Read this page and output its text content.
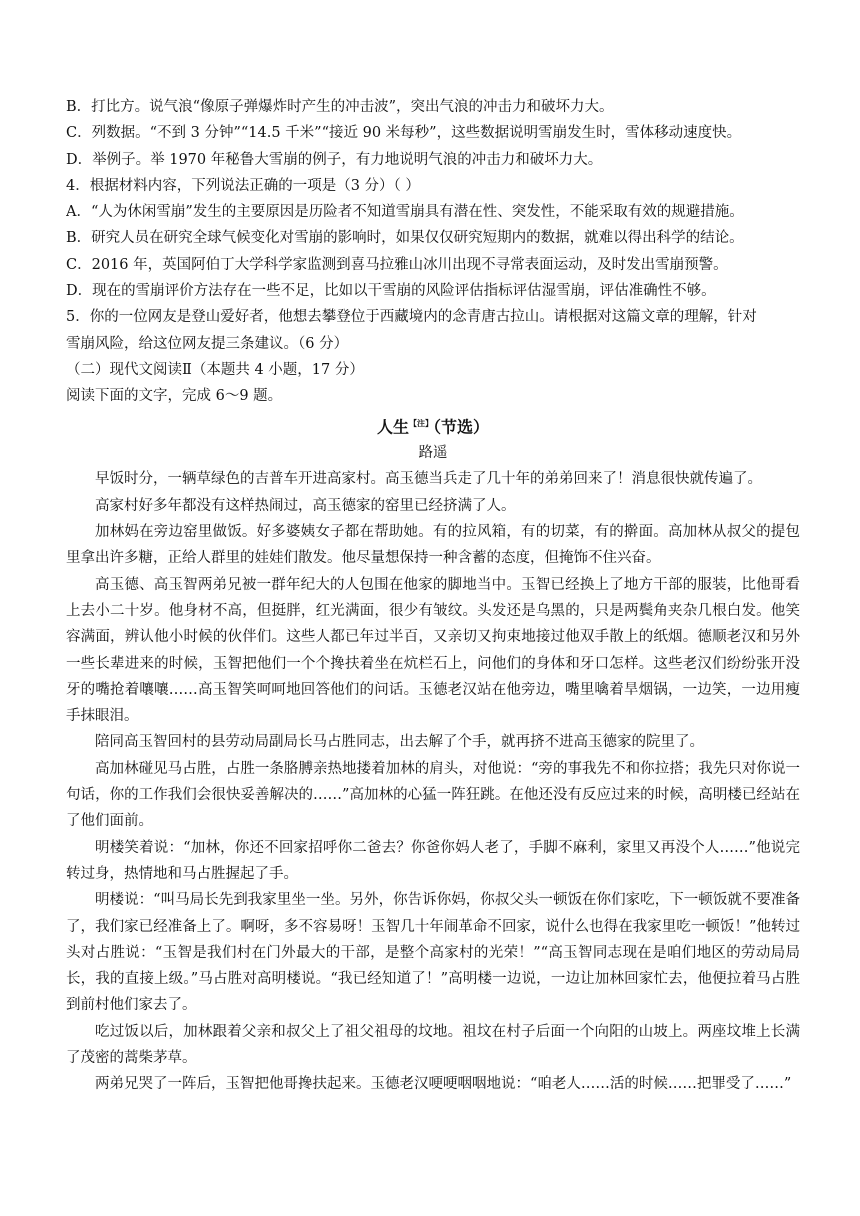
B．打比方。说气浪“像原子弹爆炸时产生的冲击波”，突出气浪的冲击力和破坏力大。
C．列数据。“不到 3 分钟”“14.5 千米”“接近 90 米每秒”，这些数据说明雪崩发生时，雪体移动速度快。
D．举例子。举 1970 年秘鲁大雪崩的例子，有力地说明气浪的冲击力和破坏力大。
4．根据材料内容，下列说法正确的一项是（3 分）（ ）
A．“人为休闲雪崩”发生的主要原因是历险者不知道雪崩具有潜在性、突发性，不能采取有效的规避措施。
B．研究人员在研究全球气候变化对雪崩的影响时，如果仅仅研究短期内的数据，就难以得出科学的结论。
C．2016 年，英国阿伯丁大学科学家监测到喜马拉雅山冰川出现不寻常表面运动，及时发出雪崩预警。
D．现在的雪崩评价方法存在一些不足，比如以干雪崩的风险评估指标评估湿雪崩，评估准确性不够。
5．你的一位网友是登山爱好者，他想去攀登位于西藏境内的念青唐古拉山。请根据对这篇文章的理解，针对
雪崩风险，给这位网友提三条建议。（6 分）
（二）现代文阅读Ⅱ（本题共 4 小题，17 分）
阅读下面的文字，完成 6～9 题。
人生$^{【注】}$（节选）
路遥

早饭时分，一辆草绿色的吉普车开进高家村。高玉德当兵走了几十年的弟弟回来了！消息很快就传遍了。

高家村好多年都没有这样热闹过，高玉德家的窑里已经挤满了人。

加林妈在旁边窑里做饭。好多婆姨女子都在帮助她。有的拉风箱，有的切菜，有的擀面。高加林从叔父的提包里拿出许多糖，正给人群里的娃娃们散发。他尽量想保持一种含蓄的态度，但掩饰不住兴奋。

高玉德、高玉智两弟兄被一群年纪大的人包围在他家的脚地当中。玉智已经换上了地方干部的服装，比他哥看上去小二十岁。他身材不高，但挺胖，红光满面，很少有皱纹。头发还是乌黑的，只是两鬓角夹杂几根白发。他笑容满面，辨认他小时候的伙伴们。这些人都已年过半百，又亲切又拘束地接过他双手散上的纸烟。德顺老汉和另外一些长辈进来的时候，玉智把他们一个个搀扶着坐在炕栏石上，问他们的身体和牙口怎样。这些老汉们纷纷张开没牙的嘴抢着嚷嚷……高玉智笑呵呵地回答他们的问话。玉德老汉站在他旁边，嘴里噙着旱烟锅，一边笑，一边用瘦手抹眼泪。

陪同高玉智回村的县劳动局副局长马占胜同志，出去解了个手，就再挤不进高玉德家的院里了。

高加林碰见马占胜，占胜一条胳膊亲热地搂着加林的肩头，对他说：“旁的事我先不和你拉搭；我先只对你说一句话，你的工作我们会很快妥善解决的……”高加林的心猛一阵狂跳。在他还没有反应过来的时候，高明楼已经站在了他们面前。

明楼笑着说：“加林，你还不回家招呼你二爸去？你爸你妈人老了，手脚不麻利，家里又再没个人……”他说完转过身，热情地和马占胜握起了手。

明楼说：“叫马局长先到我家里坐一坐。另外，你告诉你妈，你叔父头一顿饭在你们家吃，下一顿饭就不要准备了，我们家已经准备上了。啊呀，多不容易呀！玉智几十年闹革命不回家，说什么也得在我家里吃一顿饭！”他转过头对占胜说：“玉智是我们村在门外最大的干部，是整个高家村的光荣！”“高玉智同志现在是咱们地区的劳动局局长，我的直接上级。”马占胜对高明楼说。“我已经知道了！”高明楼一边说，一边让加林回家忙去，他便拉着马占胜到前村他们家去了。

吃过饭以后，加林跟着父亲和叔父上了祖父祖母的坟地。祖坟在村子后面一个向阳的山坡上。两座坟堆上长满了茂密的蒿柴茅草。

两弟兄哭了一阵后，玉智把他哥搀扶起来。玉德老汉哽哽咽咽地说：“咱老人……活的时候……把罪受了……”
